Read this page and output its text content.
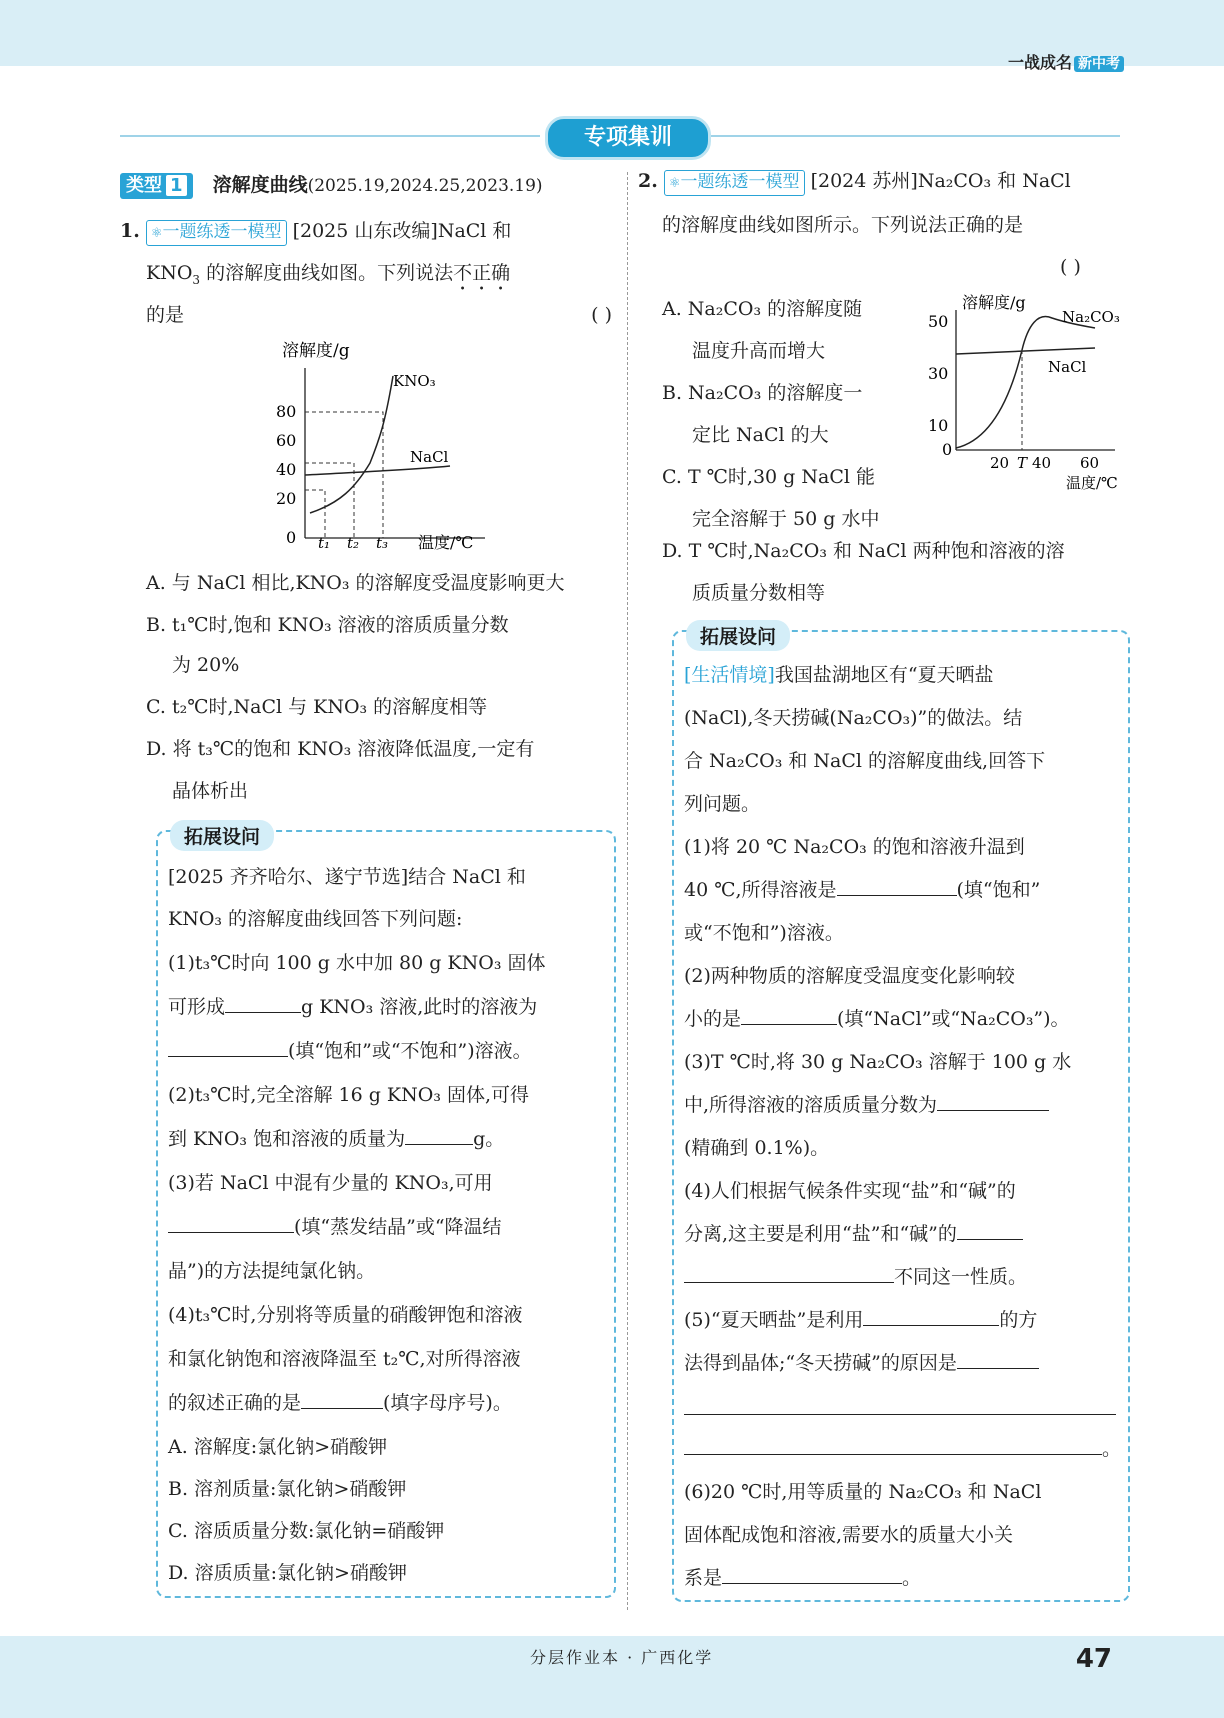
一战成名 新中考
专项集训
类型 1 溶解度曲线(2025.19,2024.25,2023.19)
1. ⚛一题练透一模型 [2025 山东改编]NaCl 和
$KNO_3$ 的溶解度曲线如图。下列说法不正确
的是	( )
溶解度/g
80
60
40
20
0
KNO₃
NaCl
t₁ t₂ t₃ 温度/℃
A. 与 NaCl 相比,KNO₃ 的溶解度受温度影响更大
B. t₁℃时,饱和 KNO₃ 溶液的溶质质量分数
为 20%
C. t₂℃时,NaCl 与 KNO₃ 的溶解度相等
D. 将 t₃℃的饱和 KNO₃ 溶液降低温度,一定有
晶体析出
拓展设问
[2025 齐齐哈尔、遂宁节选]结合 NaCl 和
KNO₃ 的溶解度曲线回答下列问题:
(1)t₃℃时向 100 g 水中加 80 g KNO₃ 固体
可形成	g KNO₃ 溶液,此时的溶液为
(填“饱和”或“不饱和”)溶液。
(2)t₃℃时,完全溶解 16 g KNO₃ 固体,可得
到 KNO₃ 饱和溶液的质量为	g。
(3)若 NaCl 中混有少量的 KNO₃,可用
(填“蒸发结晶”或“降温结
晶”)的方法提纯氯化钠。
(4)t₃℃时,分别将等质量的硝酸钾饱和溶液
和氯化钠饱和溶液降温至 t₂℃,对所得溶液
的叙述正确的是	(填字母序号)。
A. 溶解度:氯化钠>硝酸钾
B. 溶剂质量:氯化钠>硝酸钾
C. 溶质质量分数:氯化钠=硝酸钾
D. 溶质质量:氯化钠>硝酸钾
2. ⚛一题练透一模型 [2024 苏州]Na₂CO₃ 和 NaCl
的溶解度曲线如图所示。下列说法正确的是
( )
A. Na₂CO₃ 的溶解度随
温度升高而增大
B. Na₂CO₃ 的溶解度一
定比 NaCl 的大
C. T ℃时,30 g NaCl 能
完全溶解于 50 g 水中
溶解度/g
50
30
10
0
Na₂CO₃
NaCl
20 T 40 60
温度/℃
D. T ℃时,Na₂CO₃ 和 NaCl 两种饱和溶液的溶
质质量分数相等
拓展设问
[生活情境]我国盐湖地区有“夏天晒盐
(NaCl),冬天捞碱(Na₂CO₃)”的做法。结
合 Na₂CO₃ 和 NaCl 的溶解度曲线,回答下
列问题。
(1)将 20 ℃ Na₂CO₃ 的饱和溶液升温到
40 ℃,所得溶液是	(填“饱和”
或“不饱和”)溶液。
(2)两种物质的溶解度受温度变化影响较
小的是	(填“NaCl”或“Na₂CO₃”)。
(3)T ℃时,将 30 g Na₂CO₃ 溶解于 100 g 水
中,所得溶液的溶质质量分数为
(精确到 0.1%)。
(4)人们根据气候条件实现“盐”和“碱”的
分离,这主要是利用“盐”和“碱”的
不同这一性质。
(5)“夏天晒盐”是利用	的方
法得到晶体;“冬天捞碱”的原因是
。
(6)20 ℃时,用等质量的 Na₂CO₃ 和 NaCl
固体配成饱和溶液,需要水的质量大小关
系是	。
分层作业本 · 广西化学	47
